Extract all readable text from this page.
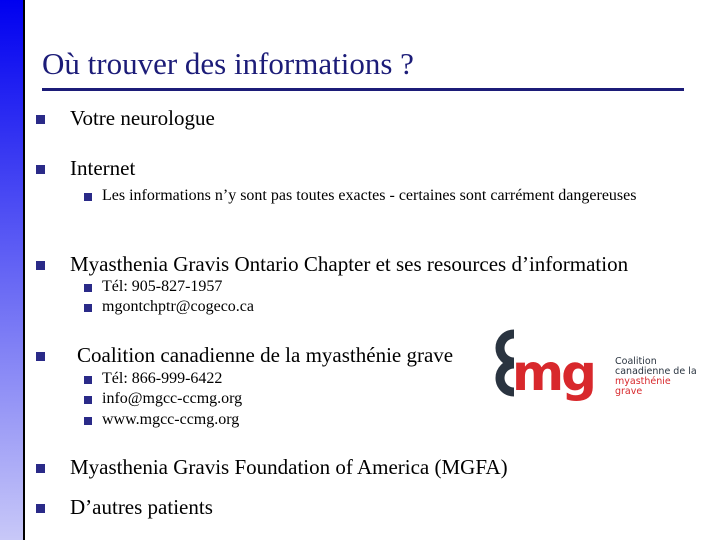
Où trouver des informations ?
Votre neurologue
Internet
Les informations n’y sont pas toutes exactes - certaines sont carrément dangereuses
Myasthenia Gravis Ontario Chapter et ses resources d’information
Tél: 905-827-1957
mgontchptr@cogeco.ca
Coalition canadienne de la myasthénie grave
Tél: 866-999-6422
info@mgcc-ccmg.org
www.mgcc-ccmg.org
Myasthenia Gravis Foundation of America (MGFA)
D’autres patients
mg Coalition
canadienne de la
myasthénie
grave
